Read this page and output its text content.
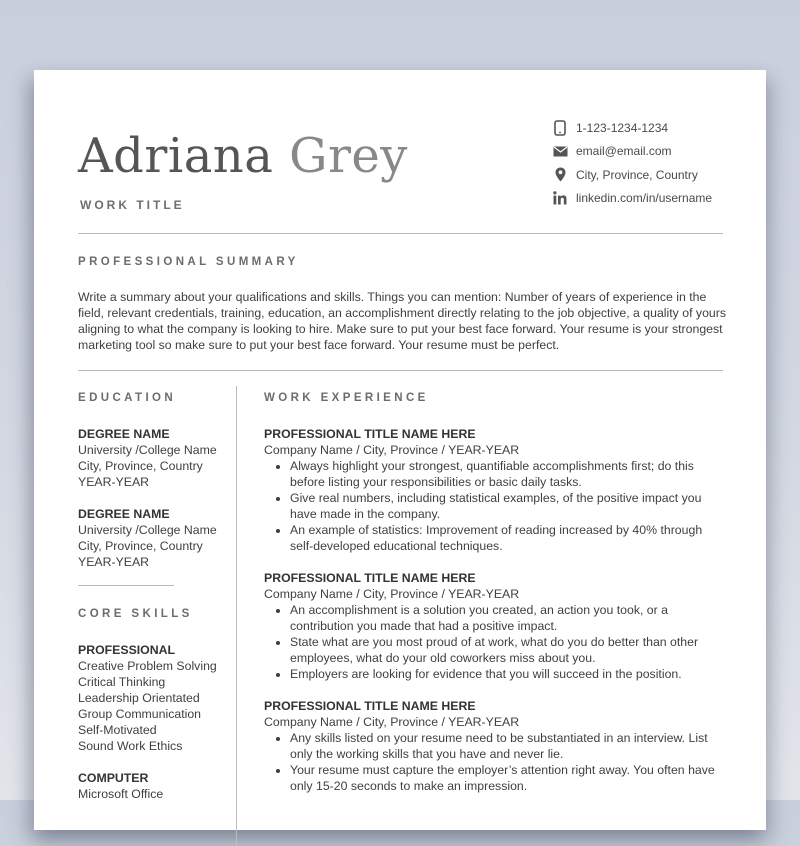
Adriana Grey
WORK TITLE
1-123-1234-1234
email@email.com
City, Province, Country
linkedin.com/in/username
PROFESSIONAL SUMMARY

Write a summary about your qualifications and skills. Things you can mention: Number of years of experience in the field, relevant credentials, training, education, an accomplishment directly relating to the job objective, a quality of yours aligning to what the company is looking to hire. Make sure to put your best face forward. Your resume is your strongest marketing tool so make sure to put your best face forward. Your resume must be perfect.

EDUCATION
DEGREE NAME
University /College Name
City, Province, Country
YEAR-YEAR
DEGREE NAME
University /College Name
City, Province, Country
YEAR-YEAR
CORE SKILLS
PROFESSIONAL
Creative Problem Solving
Critical Thinking
Leadership Orientated
Group Communication
Self-Motivated
Sound Work Ethics
COMPUTER
Microsoft Office
WORK EXPERIENCE
PROFESSIONAL TITLE NAME HERE
Company Name / City, Province / YEAR-YEAR
• Always highlight your strongest, quantifiable accomplishments first; do this before listing your responsibilities or basic daily tasks.
• Give real numbers, including statistical examples, of the positive impact you have made in the company.
• An example of statistics: Improvement of reading increased by 40% through self-developed educational techniques.
PROFESSIONAL TITLE NAME HERE
Company Name / City, Province / YEAR-YEAR
• An accomplishment is a solution you created, an action you took, or a contribution you made that had a positive impact.
• State what are you most proud of at work, what do you do better than other employees, what do your old coworkers miss about you.
• Employers are looking for evidence that you will succeed in the position.
PROFESSIONAL TITLE NAME HERE
Company Name / City, Province / YEAR-YEAR
• Any skills listed on your resume need to be substantiated in an interview. List only the working skills that you have and never lie.
• Your resume must capture the employer’s attention right away. You often have only 15-20 seconds to make an impression.
